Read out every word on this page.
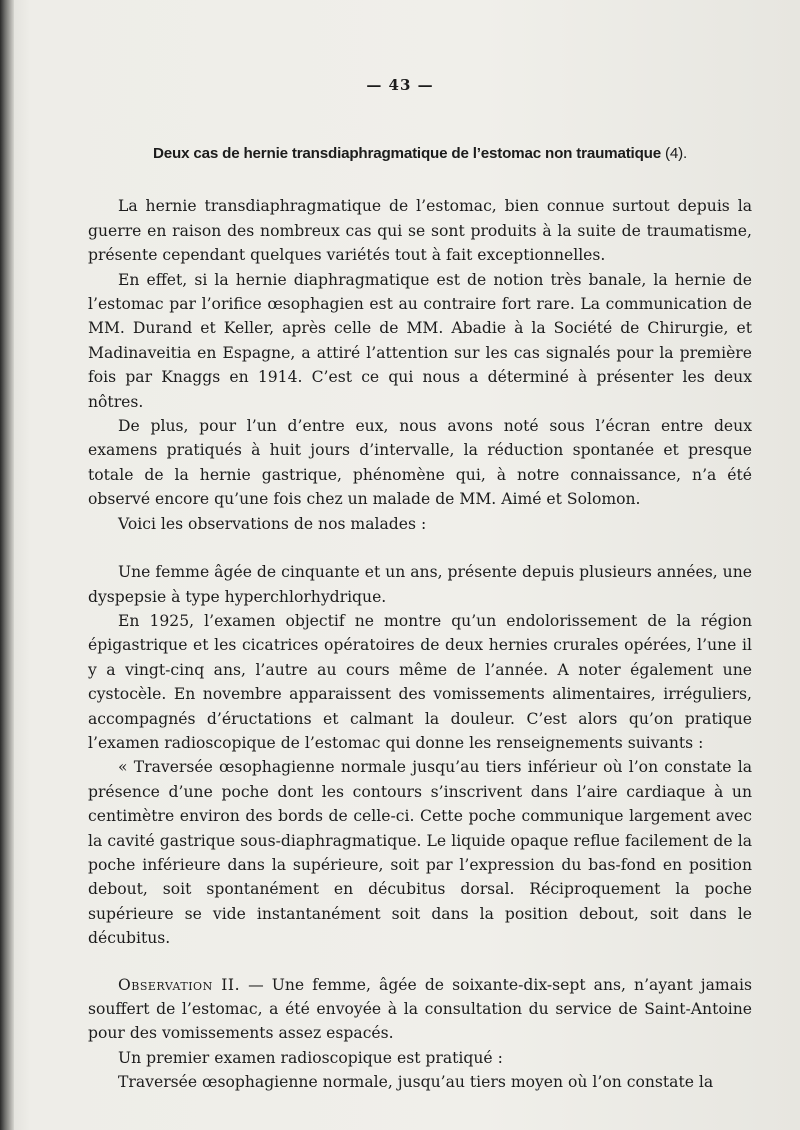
— 43 —
Deux cas de hernie transdiaphragmatique de l’estomac non traumatique (4).

La hernie transdiaphragmatique de l’estomac, bien connue surtout depuis la guerre en raison des nombreux cas qui se sont produits à la suite de traumatisme, présente cependant quelques variétés tout à fait exceptionnelles.

En effet, si la hernie diaphragmatique est de notion très banale, la hernie de l’estomac par l’orifice œsophagien est au contraire fort rare. La communication de MM. Durand et Keller, après celle de MM. Abadie à la Société de Chirurgie, et Madinaveitia en Espagne, a attiré l’attention sur les cas signalés pour la première fois par Knaggs en 1914. C’est ce qui nous a déterminé à présenter les deux nôtres.

De plus, pour l’un d’entre eux, nous avons noté sous l’écran entre deux examens pratiqués à huit jours d’intervalle, la réduction spontanée et presque totale de la hernie gastrique, phénomène qui, à notre connaissance, n’a été observé encore qu’une fois chez un malade de MM. Aimé et Solomon.

Voici les observations de nos malades :

Une femme âgée de cinquante et un ans, présente depuis plusieurs années, une dyspepsie à type hyperchlorhydrique.

En 1925, l’examen objectif ne montre qu’un endolorissement de la région épigastrique et les cicatrices opératoires de deux hernies crurales opérées, l’une il y a vingt-cinq ans, l’autre au cours même de l’année. A noter également une cystocèle. En novembre apparaissent des vomissements alimentaires, irréguliers, accompagnés d’éructations et calmant la douleur. C’est alors qu’on pratique l’examen radioscopique de l’estomac qui donne les renseignements suivants :

« Traversée œsophagienne normale jusqu’au tiers inférieur où l’on constate la présence d’une poche dont les contours s’inscrivent dans l’aire cardiaque à un centimètre environ des bords de celle-ci. Cette poche communique largement avec la cavité gastrique sous-diaphragmatique. Le liquide opaque reflue facilement de la poche inférieure dans la supérieure, soit par l’expression du bas-fond en position debout, soit spontanément en décubitus dorsal. Réciproquement la poche supérieure se vide instantanément soit dans la position debout, soit dans le décubitus.

Observation II. — Une femme, âgée de soixante-dix-sept ans, n’ayant jamais souffert de l’estomac, a été envoyée à la consultation du service de Saint-Antoine pour des vomissements assez espacés.

Un premier examen radioscopique est pratiqué :

Traversée œsophagienne normale, jusqu’au tiers moyen où l’on constate la
